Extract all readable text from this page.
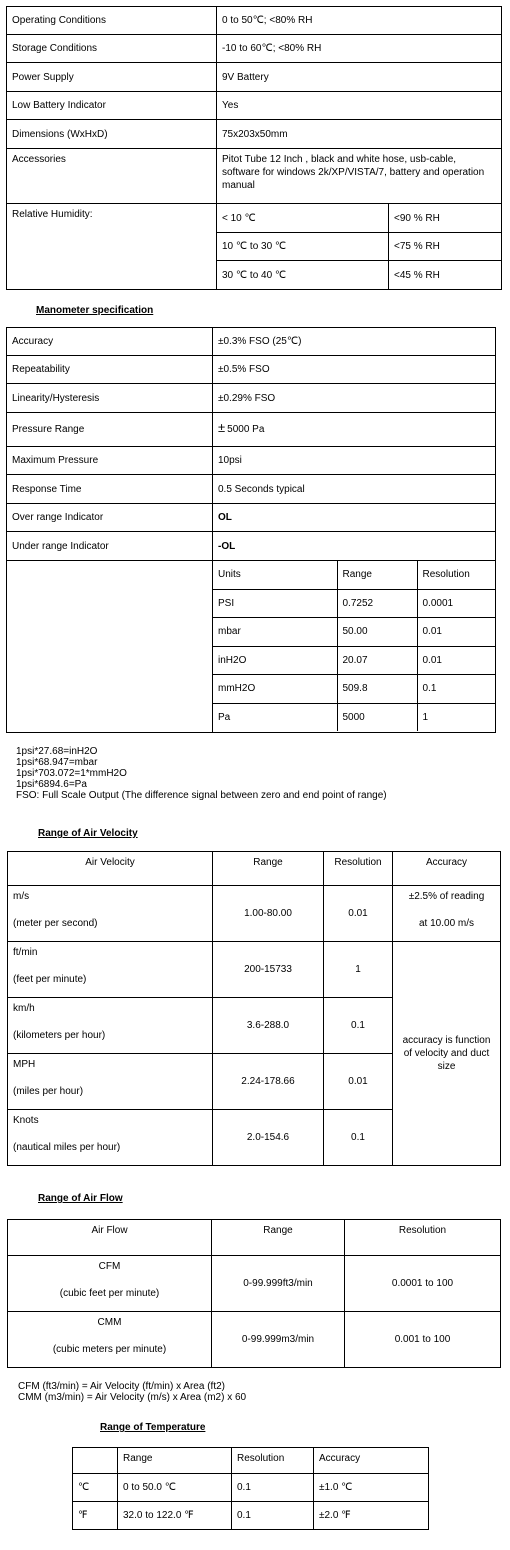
Operating Conditions	0 to 50℃; <80% RH	
Storage Conditions	-10 to 60℃; <80% RH	
Power Supply	9V Battery	
Low Battery Indicator	Yes	
Dimensions (WxHxD)	75x203x50mm	
Accessories	Pitot Tube 12 Inch , black and white hose, usb-cable, software for windows 2k/XP/VISTA/7, battery and operation manual	
Relative Humidity:	< 10 ℃	<90 % RH
	10 ℃ to 30 ℃	<75 % RH
	30 ℃ to 40 ℃	<45 % RH
Manometer specification
Accuracy	±0.3% FSO (25℃)
Repeatability	±0.5% FSO
Linearity/Hysteresis	±0.29% FSO
Pressure Range	± 5000 Pa
Maximum Pressure	10psi
Response Time	0.5 Seconds typical
Over range Indicator	OL
Under range Indicator	-OL

Units	Range	Resolution
PSI	0.7252	0.0001
mbar	50.00	0.01
inH2O	20.07	0.01
mmH2O	509.8	0.1
Pa	5000	1
1psi*27.68=inH2O
1psi*68.947=mbar
1psi*703.072=1*mmH2O
1psi*6894.6=Pa
FSO: Full Scale Output (The difference signal between zero and end point of range)
Range of Air Velocity
Air Velocity	Range	Resolution	Accuracy

m/s
(meter per second)	1.00-80.00	0.01	±2.5% of reading
at 10.00 m/s

ft/min
(feet per minute)	200-15733	1	accuracy is function of velocity and duct size

km/h
(kilometers per hour)	3.6-288.0	0.1	

MPH
(miles per hour)	2.24-178.66	0.01	

Knots
(nautical miles per hour)	2.0-154.6	0.1	
Range of Air Flow
Air Flow	Range	Resolution

CFM
(cubic feet per minute)	0-99.999ft3/min	0.0001 to 100

CMM
(cubic meters per minute)	0-99.999m3/min	0.001 to 100
CFM (ft3/min) = Air Velocity (ft/min) x Area (ft2)
CMM (m3/min) = Air Velocity (m/s) x Area (m2) x 60
Range of Temperature
	Range	Resolution	Accuracy
℃	0 to 50.0 ℃	0.1	±1.0 ℃
℉	32.0 to 122.0 ℉	0.1	±2.0 ℉
